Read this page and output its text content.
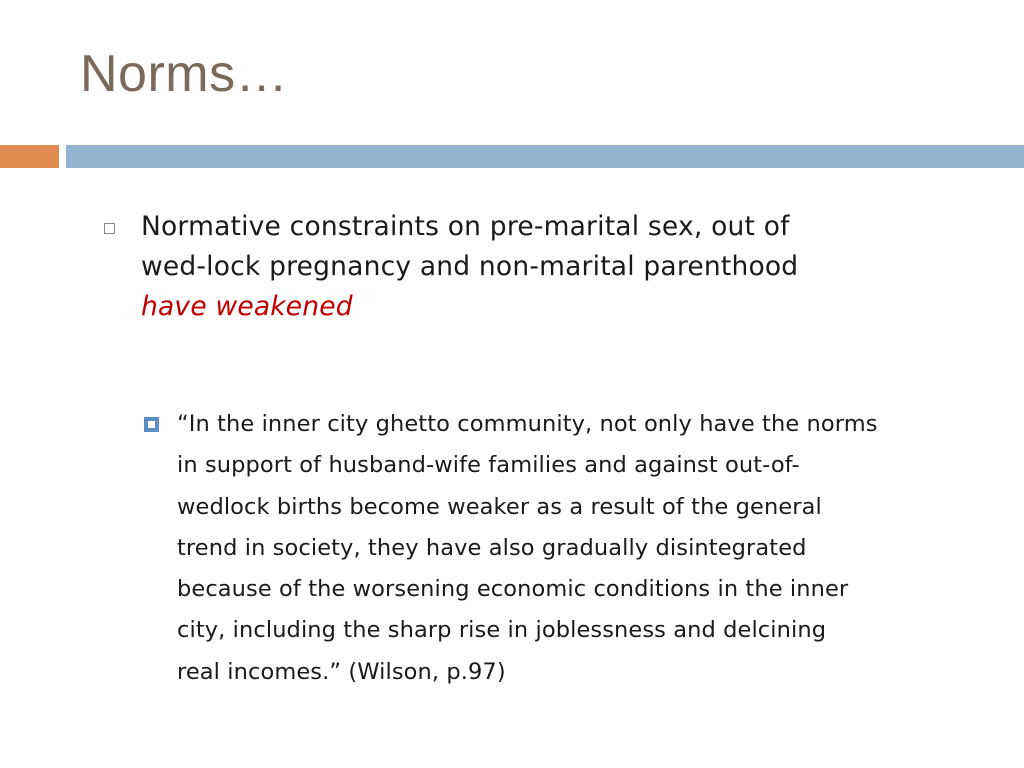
Norms…

Normative constraints on pre-marital sex, out of
wed-lock pregnancy and non-marital parenthood
have weakened

“In the inner city ghetto community, not only have the norms
in support of husband-wife families and against out-of-
wedlock births become weaker as a result of the general
trend in society, they have also gradually disintegrated
because of the worsening economic conditions in the inner
city, including the sharp rise in joblessness and delcining
real incomes.” (Wilson, p.97)
